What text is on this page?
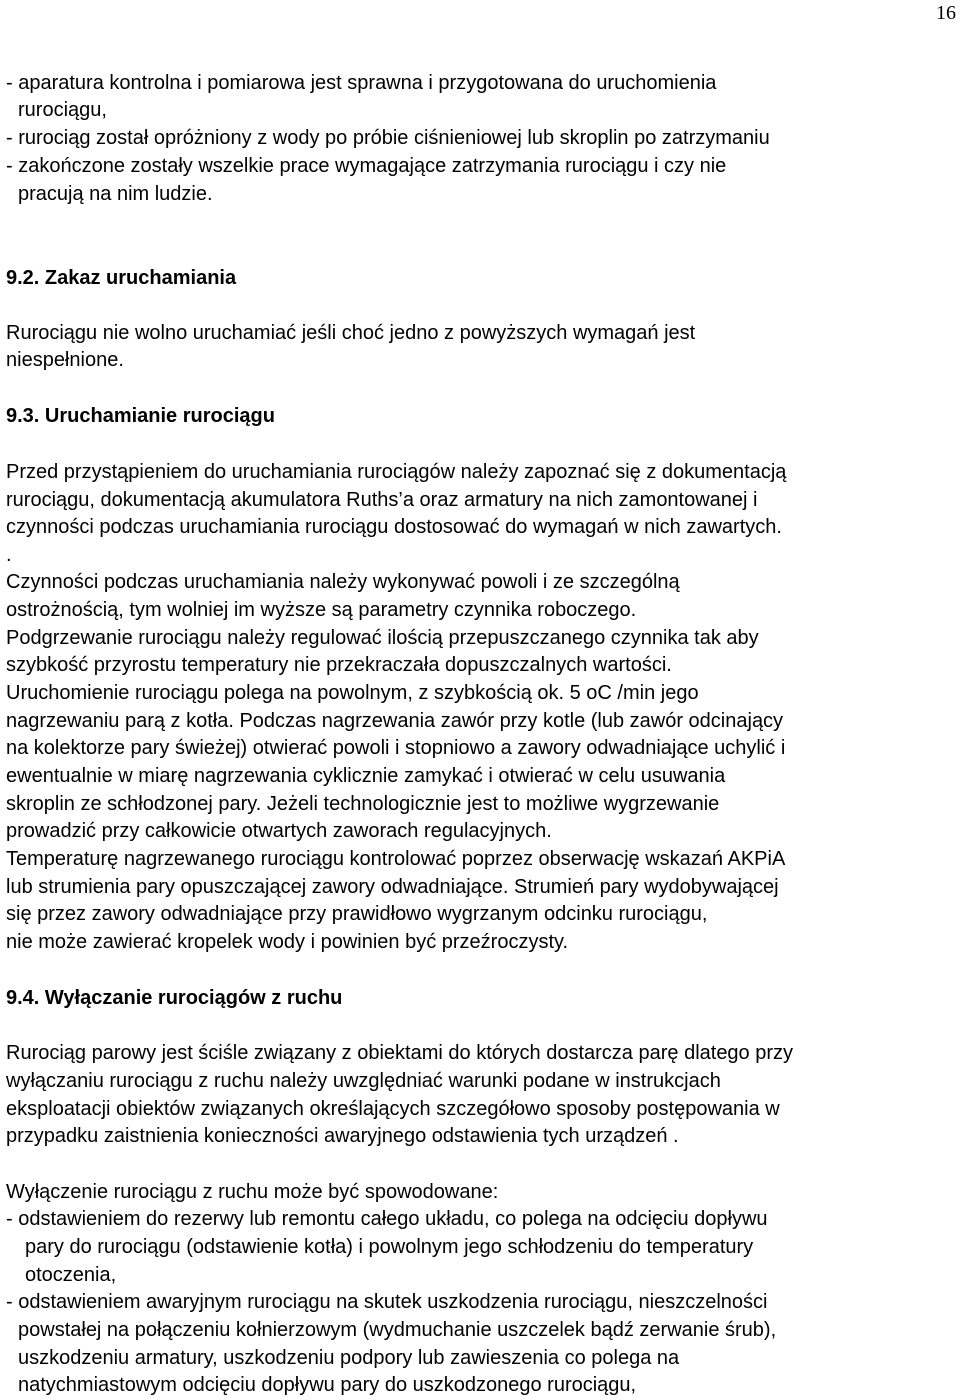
16
- aparatura kontrolna i pomiarowa jest sprawna i przygotowana do uruchomienia
rurociągu,
- rurociąg został opróżniony z wody po próbie ciśnieniowej lub skroplin po zatrzymaniu
- zakończone zostały wszelkie prace wymagające zatrzymania rurociągu i czy nie
pracują na nim ludzie.
9.2. Zakaz uruchamiania
Rurociągu nie wolno uruchamiać jeśli choć jedno z powyższych wymagań jest
niespełnione.
9.3. Uruchamianie rurociągu
Przed przystąpieniem do uruchamiania rurociągów należy zapoznać się z dokumentacją
rurociągu, dokumentacją akumulatora Ruths’a oraz armatury na nich zamontowanej i
czynności podczas uruchamiania rurociągu dostosować do wymagań w nich zawartych.
.
Czynności podczas uruchamiania należy wykonywać powoli i ze szczególną
ostrożnością, tym wolniej im wyższe są parametry czynnika roboczego.
Podgrzewanie rurociągu należy regulować ilością przepuszczanego czynnika tak aby
szybkość przyrostu temperatury nie przekraczała dopuszczalnych wartości.
Uruchomienie rurociągu polega na powolnym, z szybkością ok. 5 oC /min jego
nagrzewaniu parą z kotła. Podczas nagrzewania zawór przy kotle (lub zawór odcinający
na kolektorze pary świeżej) otwierać powoli i stopniowo a zawory odwadniające uchylić i
ewentualnie w miarę nagrzewania cyklicznie zamykać i otwierać w celu usuwania
skroplin ze schłodzonej pary. Jeżeli technologicznie jest to możliwe wygrzewanie
prowadzić przy całkowicie otwartych zaworach regulacyjnych.
Temperaturę nagrzewanego rurociągu kontrolować poprzez obserwację wskazań AKPiA
lub strumienia pary opuszczającej zawory odwadniające. Strumień pary wydobywającej
się przez zawory odwadniające przy prawidłowo wygrzanym odcinku rurociągu,
nie może zawierać kropelek wody i powinien być przeźroczysty.
9.4. Wyłączanie rurociągów z ruchu
Rurociąg parowy jest ściśle związany z obiektami do których dostarcza parę dlatego przy
wyłączaniu rurociągu z ruchu należy uwzględniać warunki podane w instrukcjach
eksploatacji obiektów związanych określających szczegółowo sposoby postępowania w
przypadku zaistnienia konieczności awaryjnego odstawienia tych urządzeń .
Wyłączenie rurociągu z ruchu może być spowodowane:
- odstawieniem do rezerwy lub remontu całego układu, co polega na odcięciu dopływu
pary do rurociągu (odstawienie kotła) i powolnym jego schłodzeniu do temperatury
otoczenia,
- odstawieniem awaryjnym rurociągu na skutek uszkodzenia rurociągu, nieszczelności
powstałej na połączeniu kołnierzowym (wydmuchanie uszczelek bądź zerwanie śrub),
uszkodzeniu armatury, uszkodzeniu podpory lub zawieszenia co polega na
natychmiastowym odcięciu dopływu pary do uszkodzonego rurociągu,
